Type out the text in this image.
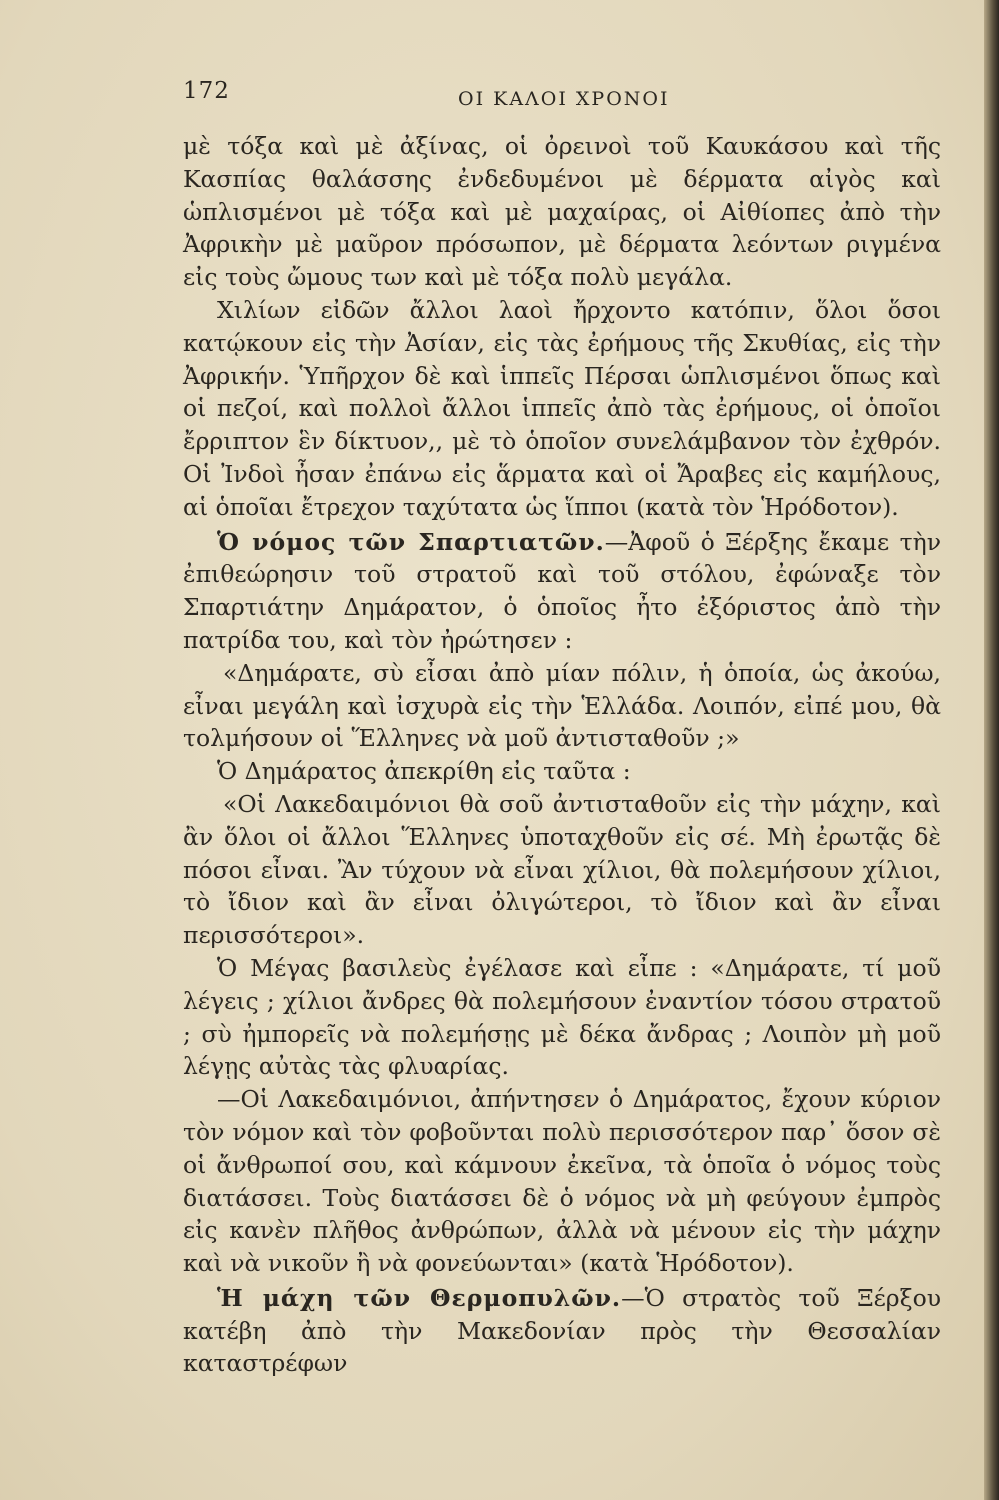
172	ΟΙ ΚΑΛΟΙ ΧΡΟΝΟΙ

μὲ τόξα καὶ μὲ ἀξίνας, οἱ ὀρεινοὶ τοῦ Καυκάσου καὶ τῆς Κασπίας θαλάσσης ἐνδεδυμένοι μὲ δέρματα αἰγὸς καὶ ὡπλισμένοι μὲ τόξα καὶ μὲ μαχαίρας, οἱ Αἰθίοπες ἀπὸ τὴν Ἀφρικὴν μὲ μαῦρον πρόσωπον, μὲ δέρματα λεόντων ριγμένα εἰς τοὺς ὤμους των καὶ μὲ τόξα πολὺ μεγάλα.

Χιλίων εἰδῶν ἄλλοι λαοὶ ἤρχοντο κατόπιν, ὅλοι ὅσοι κατῴκουν εἰς τὴν Ἀσίαν, εἰς τὰς ἐρήμους τῆς Σκυθίας, εἰς τὴν Ἀφρικήν. Ὑπῆρχον δὲ καὶ ἱππεῖς Πέρσαι ὡπλισμένοι ὅπως καὶ οἱ πεζοί, καὶ πολλοὶ ἄλλοι ἱππεῖς ἀπὸ τὰς ἐρήμους, οἱ ὁποῖοι ἔρριπτον ἓν δίκτυον,, μὲ τὸ ὁποῖον συνελάμβανον τὸν ἐχθρόν. Οἱ Ἰνδοὶ ἦσαν ἐπάνω εἰς ἅρματα καὶ οἱ Ἄραβες εἰς καμήλους, αἱ ὁποῖαι ἔτρεχον ταχύτατα ὡς ἵπποι (κατὰ τὸν Ἡρόδοτον).

Ὁ νόμος τῶν Σπαρτιατῶν.—Ἀφοῦ ὁ Ξέρξης ἔκαμε τὴν ἐπιθεώρησιν τοῦ στρατοῦ καὶ τοῦ στόλου, ἐφώναξε τὸν Σπαρτιάτην Δημάρατον, ὁ ὁποῖος ἦτο ἐξόριστος ἀπὸ τὴν πατρίδα του, καὶ τὸν ἠρώτησεν :

«Δημάρατε, σὺ εἶσαι ἀπὸ μίαν πόλιν, ἡ ὁποία, ὡς ἀκούω, εἶναι μεγάλη καὶ ἰσχυρὰ εἰς τὴν Ἑλλάδα. Λοιπόν, εἰπέ μου, θὰ τολμήσουν οἱ Ἕλληνες νὰ μοῦ ἀντισταθοῦν ;»

Ὁ Δημάρατος ἀπεκρίθη εἰς ταῦτα :

«Οἱ Λακεδαιμόνιοι θὰ σοῦ ἀντισταθοῦν εἰς τὴν μάχην, καὶ ἂν ὅλοι οἱ ἄλλοι Ἕλληνες ὑποταχθοῦν εἰς σέ. Μὴ ἐρωτᾷς δὲ πόσοι εἶναι. Ἂν τύχουν νὰ εἶναι χίλιοι, θὰ πολεμήσουν χίλιοι, τὸ ἴδιον καὶ ἂν εἶναι ὀλιγώτεροι, τὸ ἴδιον καὶ ἂν εἶναι περισσότεροι».

Ὁ Μέγας βασιλεὺς ἐγέλασε καὶ εἶπε : «Δημάρατε, τί μοῦ λέγεις ; χίλιοι ἄνδρες θὰ πολεμήσουν ἐναντίον τόσου στρατοῦ ; σὺ ἠμπορεῖς νὰ πολεμήσῃς μὲ δέκα ἄνδρας ; Λοιπὸν μὴ μοῦ λέγῃς αὐτὰς τὰς φλυαρίας.

—Οἱ Λακεδαιμόνιοι, ἀπήντησεν ὁ Δημάρατος, ἔχουν κύριον τὸν νόμον καὶ τὸν φοβοῦνται πολὺ περισσότερον παρ᾽ ὅσον σὲ οἱ ἄνθρωποί σου, καὶ κάμνουν ἐκεῖνα, τὰ ὁποῖα ὁ νόμος τοὺς διατάσσει. Τοὺς διατάσσει δὲ ὁ νόμος νὰ μὴ φεύγουν ἐμπρὸς εἰς κανὲν πλῆθος ἀνθρώπων, ἀλλὰ νὰ μένουν εἰς τὴν μάχην καὶ νὰ νικοῦν ἢ νὰ φονεύωνται» (κατὰ Ἡρόδοτον).

Ἡ μάχη τῶν Θερμοπυλῶν.—Ὁ στρατὸς τοῦ Ξέρξου κατέβη ἀπὸ τὴν Μακεδονίαν πρὸς τὴν Θεσσαλίαν καταστρέφων
